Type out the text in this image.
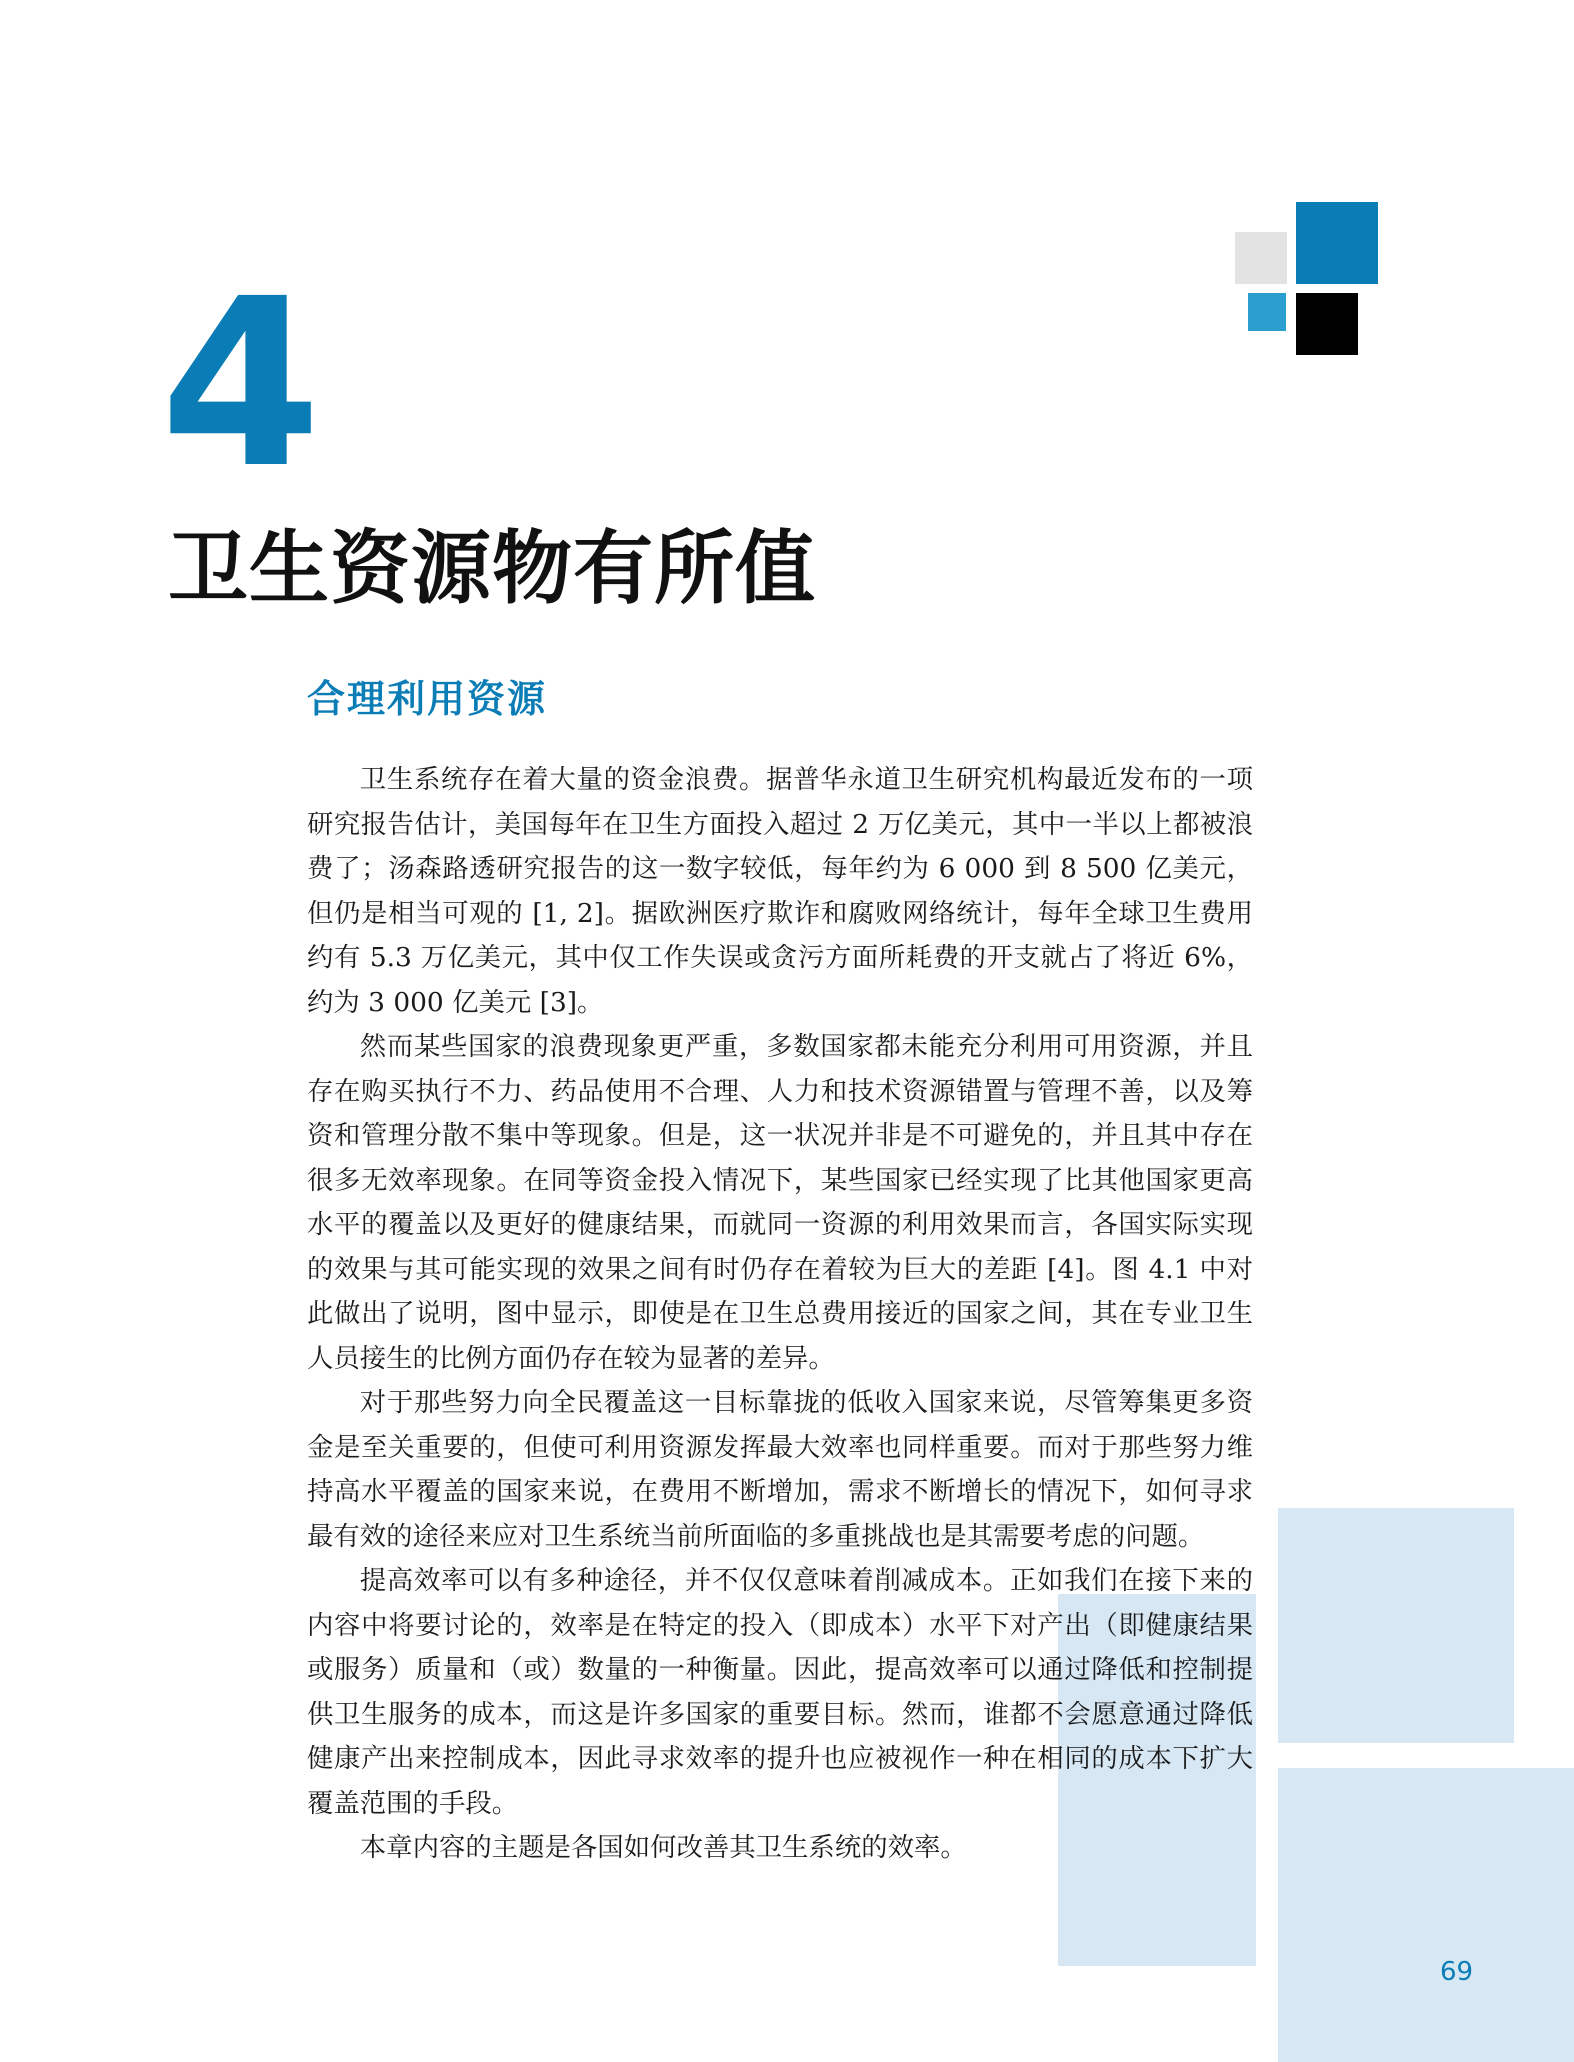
4
卫生资源物有所值
合理利用资源

卫生系统存在着大量的资金浪费。据普华永道卫生研究机构最近发布的一项研究报告估计，美国每年在卫生方面投入超过 2 万亿美元，其中一半以上都被浪费了；汤森路透研究报告的这一数字较低，每年约为 6 000 到 8 500 亿美元，但仍是相当可观的 [1, 2]。据欧洲医疗欺诈和腐败网络统计，每年全球卫生费用约有 5.3 万亿美元，其中仅工作失误或贪污方面所耗费的开支就占了将近 6%，约为 3 000 亿美元 [3]。

然而某些国家的浪费现象更严重，多数国家都未能充分利用可用资源，并且存在购买执行不力、药品使用不合理、人力和技术资源错置与管理不善，以及筹资和管理分散不集中等现象。但是，这一状况并非是不可避免的，并且其中存在很多无效率现象。在同等资金投入情况下，某些国家已经实现了比其他国家更高水平的覆盖以及更好的健康结果，而就同一资源的利用效果而言，各国实际实现的效果与其可能实现的效果之间有时仍存在着较为巨大的差距 [4]。图 4.1 中对此做出了说明，图中显示，即使是在卫生总费用接近的国家之间，其在专业卫生人员接生的比例方面仍存在较为显著的差异。

对于那些努力向全民覆盖这一目标靠拢的低收入国家来说，尽管筹集更多资金是至关重要的，但使可利用资源发挥最大效率也同样重要。而对于那些努力维持高水平覆盖的国家来说，在费用不断增加，需求不断增长的情况下，如何寻求最有效的途径来应对卫生系统当前所面临的多重挑战也是其需要考虑的问题。

提高效率可以有多种途径，并不仅仅意味着削减成本。正如我们在接下来的内容中将要讨论的，效率是在特定的投入（即成本）水平下对产出（即健康结果或服务）质量和（或）数量的一种衡量。因此，提高效率可以通过降低和控制提供卫生服务的成本，而这是许多国家的重要目标。然而，谁都不会愿意通过降低健康产出来控制成本，因此寻求效率的提升也应被视作一种在相同的成本下扩大覆盖范围的手段。

本章内容的主题是各国如何改善其卫生系统的效率。

69
